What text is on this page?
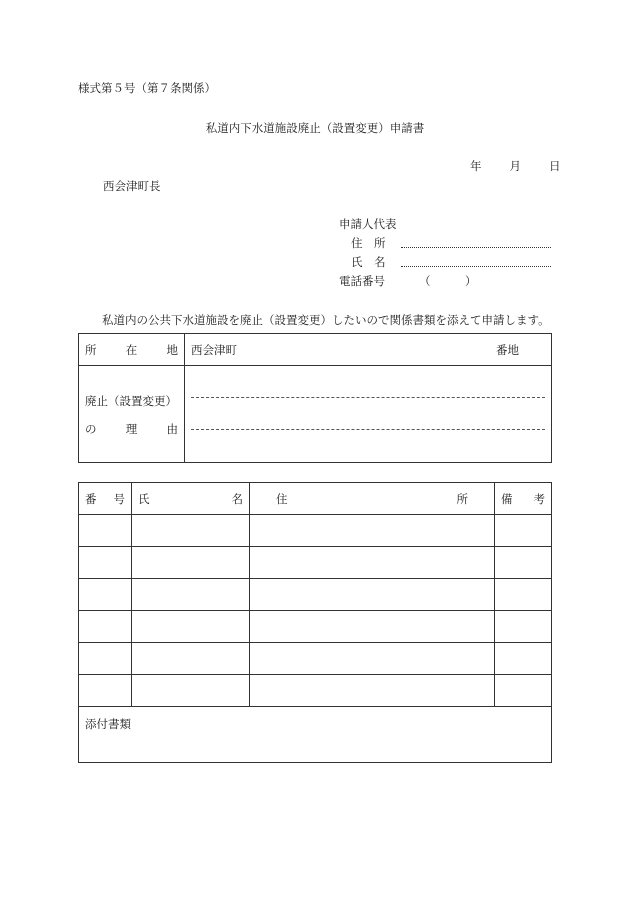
様式第５号（第７条関係）
私道内下水道施設廃止（設置変更）申請書
年 月 日
西会津町長
申請人代表
住　所
氏　名
電話番号	（　　　）
私道内の公共下水道施設を廃止（設置変更）したいので関係書類を添えて申請します。
所 在 地	西会津町 番地

廃止（設置変更）
の 理 由	

番 号	氏 名	住 所	備 考

添付書類			
